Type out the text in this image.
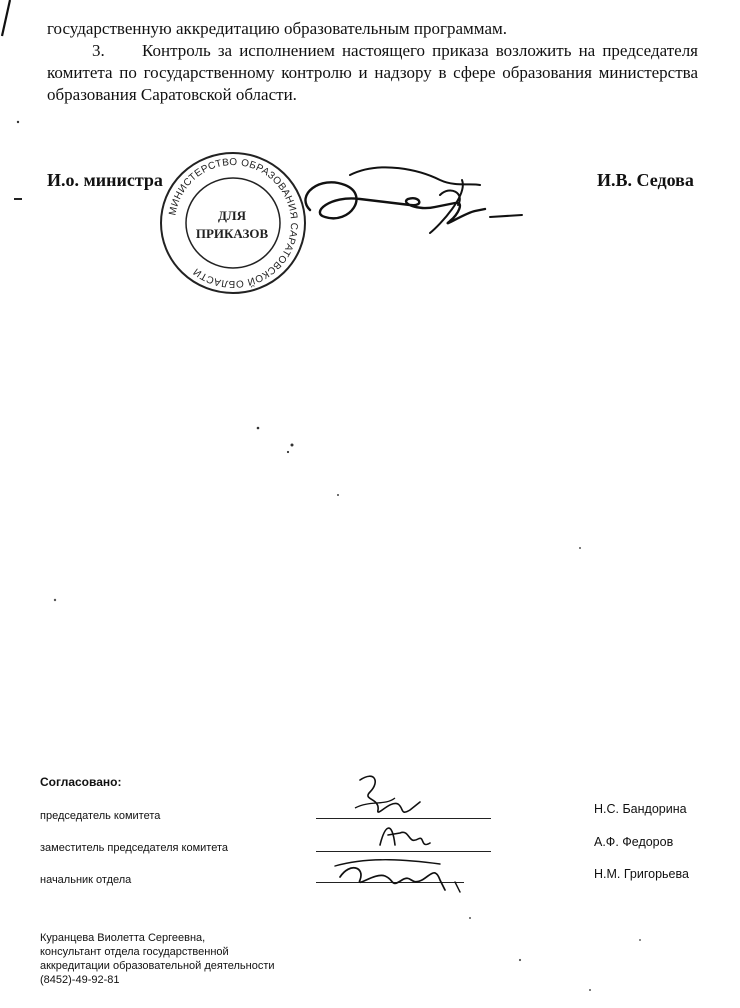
государственную аккредитацию образовательным программам.
3. Контроль за исполнением настоящего приказа возложить на председателя комитета по государственному контролю и надзору в сфере образования министерства образования Саратовской области.
И.о. министра	И.В. Седова
МИНИСТЕРСТВО ОБРАЗОВАНИЯ САРАТОВСКОЙ ОБЛАСТИ
ДЛЯ
ПРИКАЗОВ
Согласовано:
председатель комитета
заместитель председателя комитета
начальник отдела
Н.С. Бандорина
А.Ф. Федоров
Н.М. Григорьева
Куранцева Виолетта Сергеевна,
консультант отдела государственной
аккредитации образовательной деятельности
(8452)-49-92-81
